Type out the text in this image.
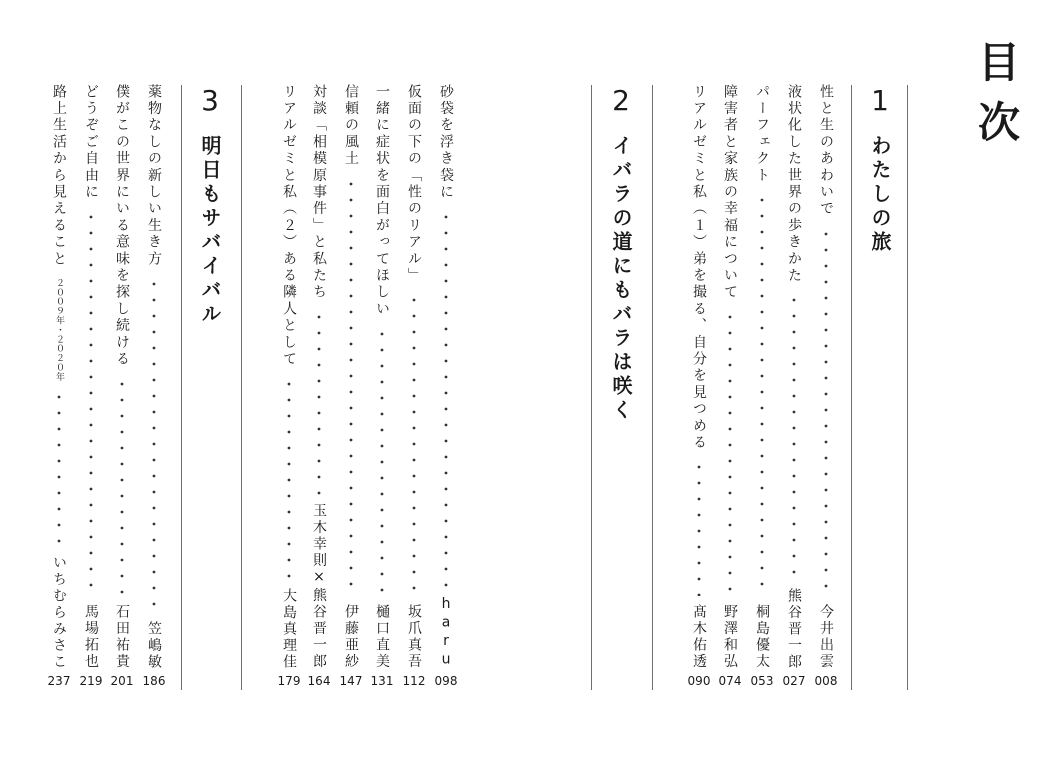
目次
1
わたしの旅
性と生のあわいで
今井出雲
008
液状化した世界の歩きかた
熊谷晋一郎
027
パーフェクト
桐島優太
053
障害者と家族の幸福について
野澤和弘
074
リアルゼミと私（１）弟を撮る、自分を見つめる
髙木佑透
090
2
イバラの道にもバラは咲く
砂袋を浮き袋に
haru
098
仮面の下の「性のリアル」
坂爪真吾
112
一緒に症状を面白がってほしい
樋口直美
131
信頼の風土
伊藤亜紗
147
対談「相模原事件」と私たち
玉木幸則×熊谷晋一郎
164
リアルゼミと私（２）ある隣人として
大島真理佳
179
3
明日もサバイバル
薬物なしの新しい生き方
笠嶋敏
186
僕がこの世界にいる意味を探し続ける
石田祐貴
201
どうぞご自由に
馬場拓也
219
路上生活から見えること
２００９年・２０２０年
いちむらみさこ
237
